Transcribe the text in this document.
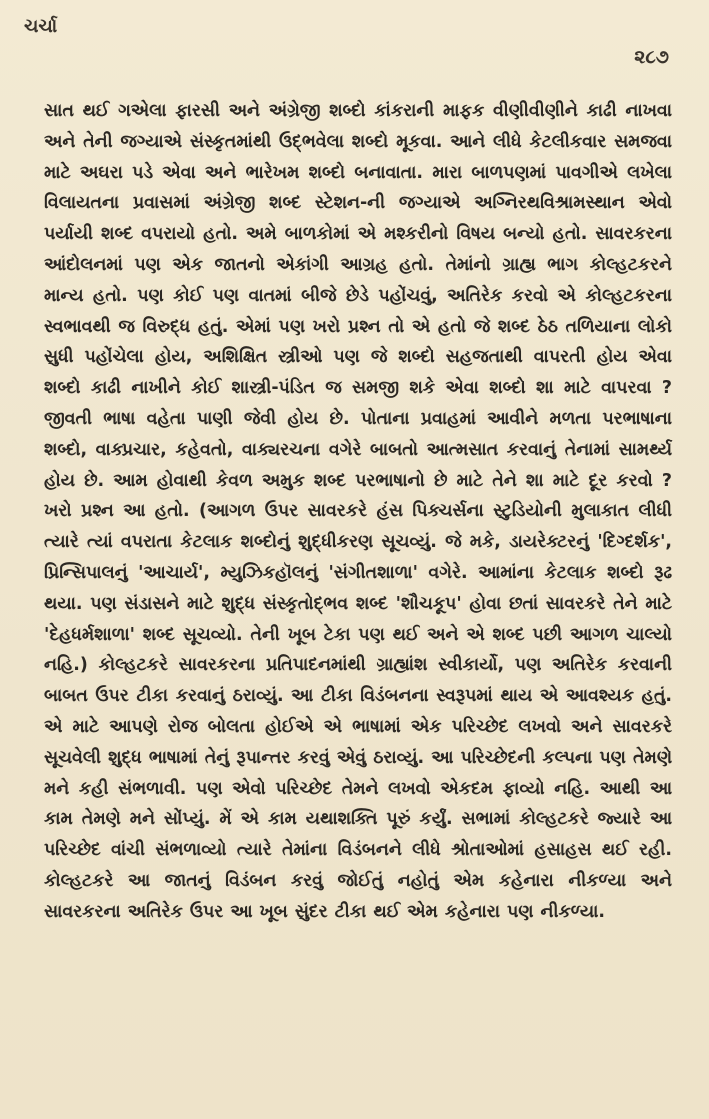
ચર્ચા
૨૮૭

સાત થઈ ગએલા ફારસી અને અંગ્રેજી શબ્દો કાંકરાની માફક વીણીવીણીને કાઢી નાખવા અને તેની જગ્યાએ સંસ્કૃતમાંથી ઉદ્ભવેલા શબ્દો મૂકવા. આને લીધે કેટલીકવાર સમજવા માટે અઘરા પડે એવા અને ભારેખમ શબ્દો બનાવાતા. મારા બાળપણમાં પાવગીએ લખેલા વિલાયતના પ્રવાસમાં અંગ્રેજી શબ્દ સ્ટેશન-ની જગ્યાએ અગ્નિરથવિશ્રામસ્થાન એવો પર્યાયી શબ્દ વપરાયો હતો. અમે બાળકોમાં એ મશ્કરીનો વિષય બન્યો હતો. સાવરકરના આંદોલનમાં પણ એક જાતનો એકાંગી આગ્રહ હતો. તેમાંનો ગ્રાહ્ય ભાગ કોલ્હટકરને માન્ય હતો. પણ કોઈ પણ વાતમાં બીજે છેડે પહોંચવું, અતિરેક કરવો એ કોલ્હટકરના સ્વભાવથી જ વિરુદ્ધ હતું. એમાં પણ ખરો પ્રશ્ન તો એ હતો જે શબ્દ ઠેઠ તળિયાના લોકો સુધી પહોંચેલા હોય, અશિક્ષિત સ્ત્રીઓ પણ જે શબ્દો સહજતાથી વાપરતી હોય એવા શબ્દો કાઢી નાખીને કોઈ શાસ્ત્રી-પંડિત જ સમજી શકે એવા શબ્દો શા માટે વાપરવા ? જીવતી ભાષા વહેતા પાણી જેવી હોય છે. પોતાના પ્રવાહમાં આવીને મળતા પરભાષાના શબ્દો, વાક્પ્રચાર, કહેવતો, વાક્યરચના વગેરે બાબતો આત્મસાત કરવાનું તેનામાં સામર્થ્ય હોય છે. આમ હોવાથી કેવળ અમુક શબ્દ પરભાષાનો છે માટે તેને શા માટે દૂર કરવો ? ખરો પ્રશ્ન આ હતો. (આગળ ઉપર સાવરકરે હંસ પિક્ચર્સના સ્ટુડિયોની મુલાકાત લીધી ત્યારે ત્યાં વપરાતા કેટલાક શબ્દોનું શુદ્ધીકરણ સૂચવ્યું. જે મકે, ડાયરેક્ટરનું 'દિગ્દર્શક', પ્રિન્સિપાલનું 'આચાર્ય', મ્યુઝિકહૉલનું 'સંગીતશાળા' વગેરે. આમાંના કેટલાક શબ્દો રૂઢ થયા. પણ સંડાસને માટે શુદ્ધ સંસ્કૃતોદ્ભવ શબ્દ 'શૌચકૂપ' હોવા છતાં સાવરકરે તેને માટે 'દેહધર્મશાળા' શબ્દ સૂચવ્યો. તેની ખૂબ ટેકા પણ થઈ અને એ શબ્દ પછી આગળ ચાલ્યો નહિ.) કોલ્હટકરે સાવરકરના પ્રતિપાદનમાંથી ગ્રાહ્યાંશ સ્વીકાર્યો, પણ અતિરેક કરવાની બાબત ઉપર ટીકા કરવાનું ઠરાવ્યું. આ ટીકા વિડંબનના સ્વરૂપમાં થાય એ આવશ્યક હતું. એ માટે આપણે રોજ બોલતા હોઈએ એ ભાષામાં એક પરિચ્છેદ લખવો અને સાવરકરે સૂચવેલી શુદ્ધ ભાષામાં તેનું રૂપાન્તર કરવું એવું ઠરાવ્યું. આ પરિચ્છેદની કલ્પના પણ તેમણે મને કહી સંભળાવી. પણ એવો પરિચ્છેદ તેમને લખવો એકદમ ફાવ્યો નહિ. આથી આ કામ તેમણે મને સોંપ્યું. મેં એ કામ યથાશક્તિ પૂરું કર્યું. સભામાં કોલ્હટકરે જ્યારે આ પરિચ્છેદ વાંચી સંભળાવ્યો ત્યારે તેમાંના વિડંબનને લીધે શ્રોતાઓમાં હસાહસ થઈ રહી. કોલ્હટકરે આ જાતનું વિડંબન કરવું જોઈતું નહોતું એમ કહેનારા નીકળ્યા અને સાવરકરના અતિરેક ઉપર આ ખૂબ સુંદર ટીકા થઈ એમ કહેનારા પણ નીકળ્યા.
